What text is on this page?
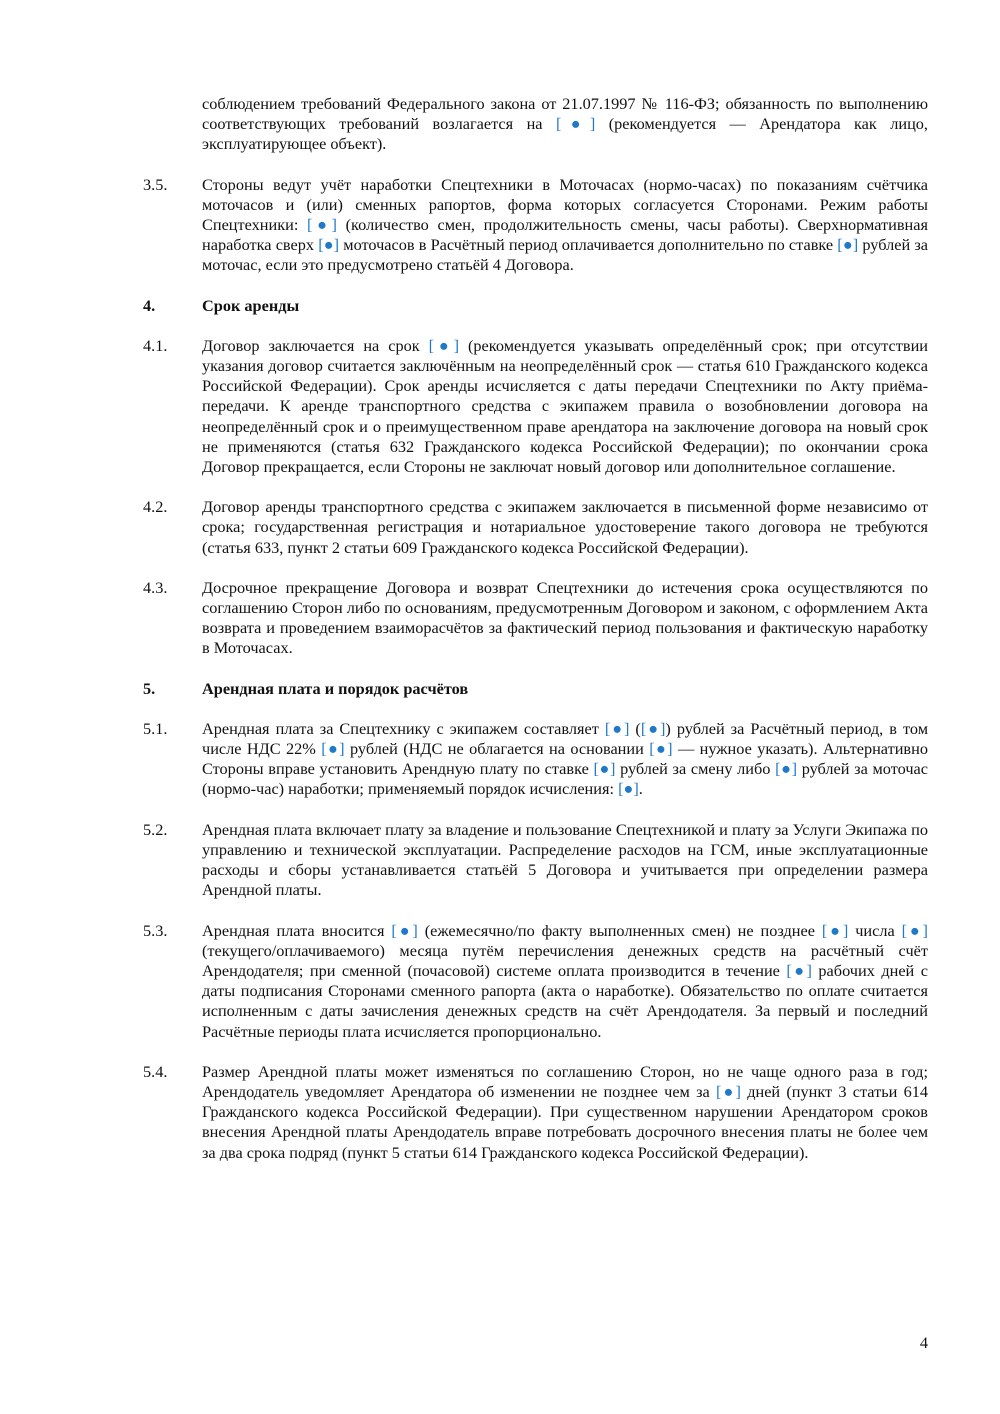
соблюдением требований Федерального закона от 21.07.1997 № 116-ФЗ; обязанность по выполнению соответствующих требований возлагается на [●] (рекомендуется — Арендатора как лицо, эксплуатирующее объект).
3.5.	Стороны ведут учёт наработки Спецтехники в Моточасах (нормо-часах) по показаниям счётчика моточасов и (или) сменных рапортов, форма которых согласуется Сторонами. Режим работы Спецтехники: [●] (количество смен, продолжительность смены, часы работы). Сверхнормативная наработка сверх [●] моточасов в Расчётный период оплачивается дополнительно по ставке [●] рублей за моточас, если это предусмотрено статьёй 4 Договора.
4.	Срок аренды
4.1.	Договор заключается на срок [●] (рекомендуется указывать определённый срок; при отсутствии указания договор считается заключённым на неопределённый срок — статья 610 Гражданского кодекса Российской Федерации). Срок аренды исчисляется с даты передачи Спецтехники по Акту приёма-передачи. К аренде транспортного средства с экипажем правила о возобновлении договора на неопределённый срок и о преимущественном праве арендатора на заключение договора на новый срок не применяются (статья 632 Гражданского кодекса Российской Федерации); по окончании срока Договор прекращается, если Стороны не заключат новый договор или дополнительное соглашение.
4.2.	Договор аренды транспортного средства с экипажем заключается в письменной форме независимо от срока; государственная регистрация и нотариальное удостоверение такого договора не требуются (статья 633, пункт 2 статьи 609 Гражданского кодекса Российской Федерации).
4.3.	Досрочное прекращение Договора и возврат Спецтехники до истечения срока осуществляются по соглашению Сторон либо по основаниям, предусмотренным Договором и законом, с оформлением Акта возврата и проведением взаиморасчётов за фактический период пользования и фактическую наработку в Моточасах.
5.	Арендная плата и порядок расчётов
5.1.	Арендная плата за Спецтехнику с экипажем составляет [●] ([●]) рублей за Расчётный период, в том числе НДС 22% [●] рублей (НДС не облагается на основании [●] — нужное указать). Альтернативно Стороны вправе установить Арендную плату по ставке [●] рублей за смену либо [●] рублей за моточас (нормо-час) наработки; применяемый порядок исчисления: [●].
5.2.	Арендная плата включает плату за владение и пользование Спецтехникой и плату за Услуги Экипажа по управлению и технической эксплуатации. Распределение расходов на ГСМ, иные эксплуатационные расходы и сборы устанавливается статьёй 5 Договора и учитывается при определении размера Арендной платы.
5.3.	Арендная плата вносится [●] (ежемесячно/по факту выполненных смен) не позднее [●] числа [●] (текущего/оплачиваемого) месяца путём перечисления денежных средств на расчётный счёт Арендодателя; при сменной (почасовой) системе оплата производится в течение [●] рабочих дней с даты подписания Сторонами сменного рапорта (акта о наработке). Обязательство по оплате считается исполненным с даты зачисления денежных средств на счёт Арендодателя. За первый и последний Расчётные периоды плата исчисляется пропорционально.
5.4.	Размер Арендной платы может изменяться по соглашению Сторон, но не чаще одного раза в год; Арендодатель уведомляет Арендатора об изменении не позднее чем за [●] дней (пункт 3 статьи 614 Гражданского кодекса Российской Федерации). При существенном нарушении Арендатором сроков внесения Арендной платы Арендодатель вправе потребовать досрочного внесения платы не более чем за два срока подряд (пункт 5 статьи 614 Гражданского кодекса Российской Федерации).
4
